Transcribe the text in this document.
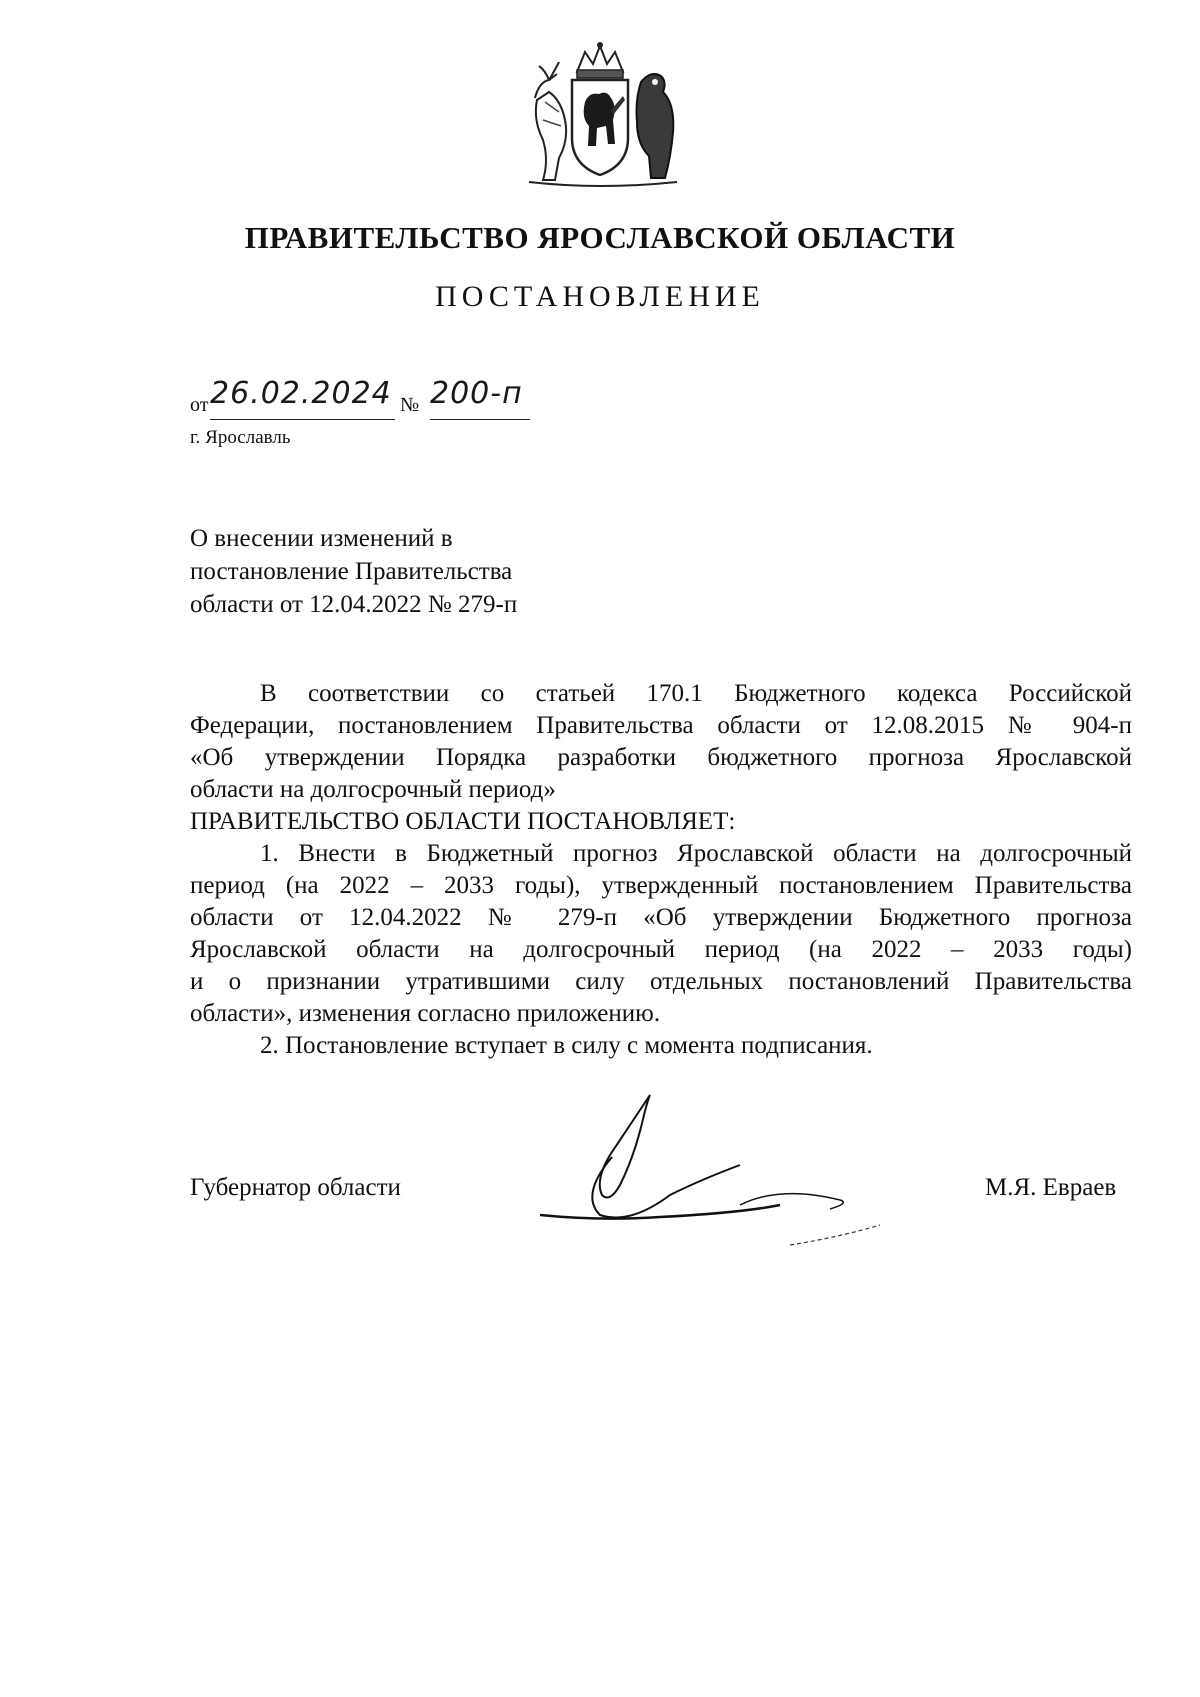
ПРАВИТЕЛЬСТВО ЯРОСЛАВСКОЙ ОБЛАСТИ
ПОСТАНОВЛЕНИЕ
от 26.02.2024 № 200-п
г. Ярославль
О внесении изменений в
постановление Правительства
области от 12.04.2022 № 279-п

В соответствии со статьей 170.1 Бюджетного кодекса Российской

Федерации, постановлением Правительства области от 12.08.2015 № 904-п

«Об утверждении Порядка разработки бюджетного прогноза Ярославской

области на долгосрочный период»

ПРАВИТЕЛЬСТВО ОБЛАСТИ ПОСТАНОВЛЯЕТ:

1. Внести в Бюджетный прогноз Ярославской области на долгосрочный

период (на 2022 – 2033 годы), утвержденный постановлением Правительства

области от 12.04.2022 № 279-п «Об утверждении Бюджетного прогноза

Ярославской области на долгосрочный период (на 2022 – 2033 годы)

и о признании утратившими силу отдельных постановлений Правительства

области», изменения согласно приложению.

2. Постановление вступает в силу с момента подписания.

Губернатор области	М.Я. Евраев
